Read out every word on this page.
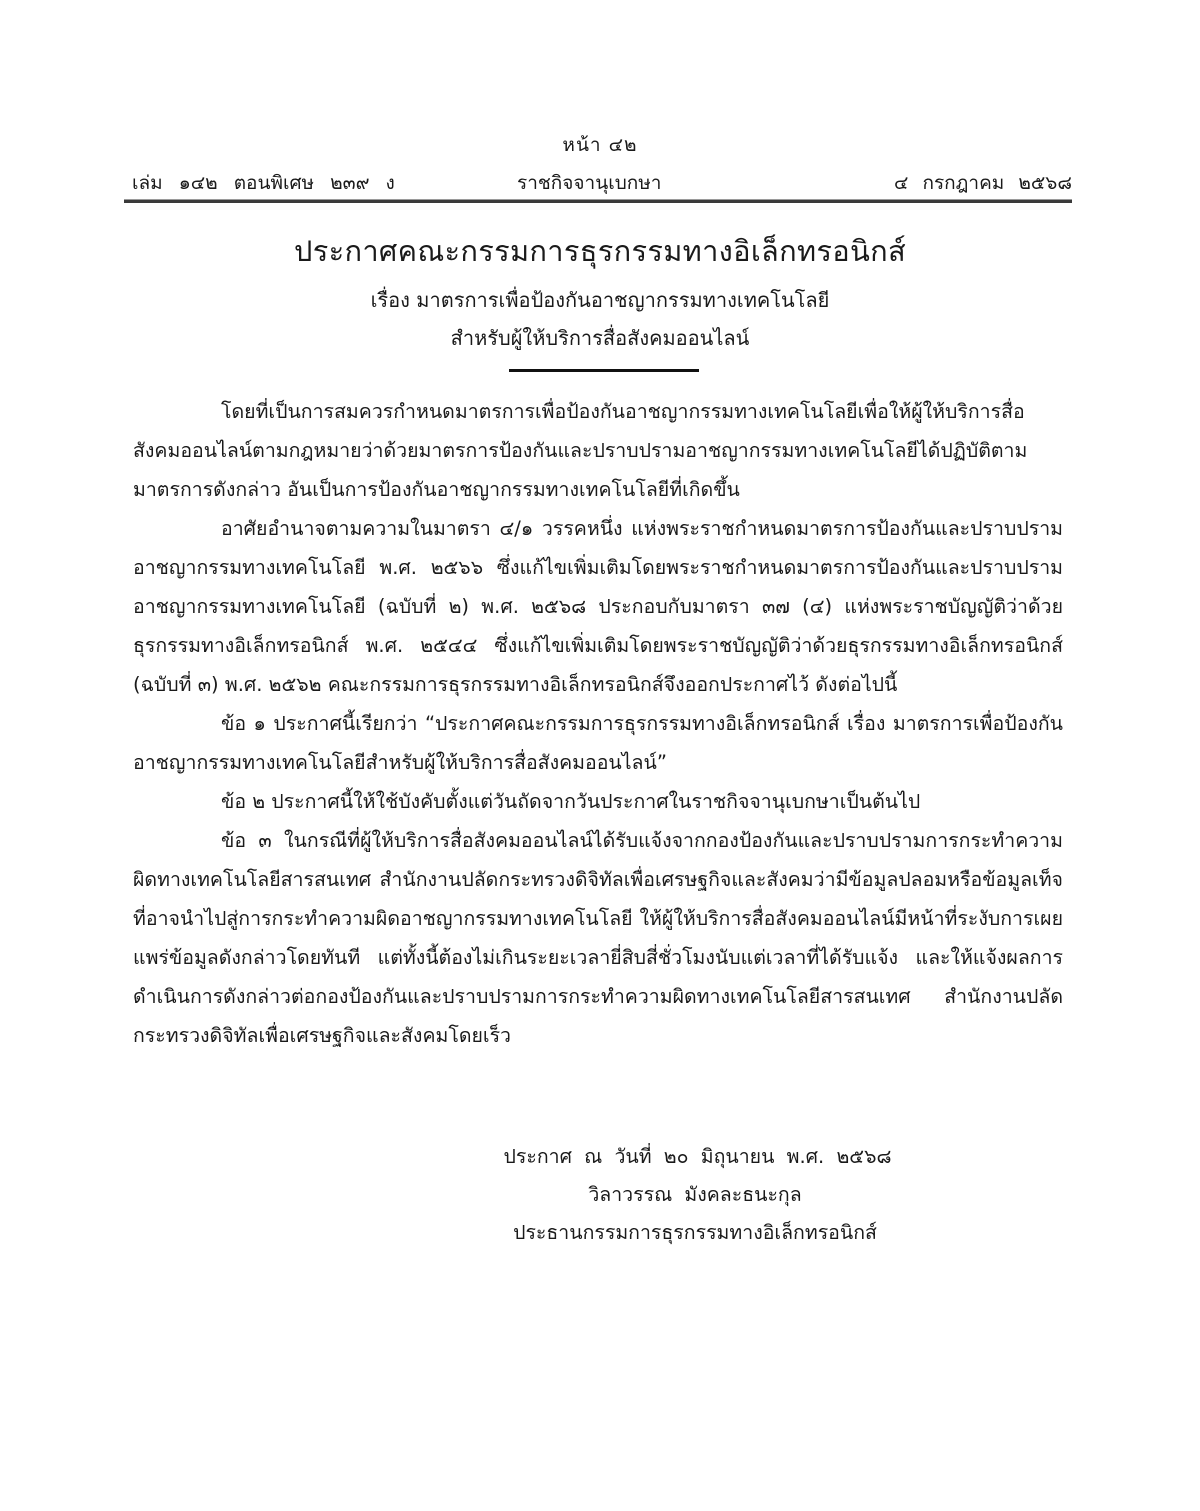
หน้า ๔๒
เล่ม ๑๔๒ ตอนพิเศษ ๒๓๙ ง	ราชกิจจานุเบกษา	๔ กรกฎาคม ๒๕๖๘
ประกาศคณะกรรมการธุรกรรมทางอิเล็กทรอนิกส์
เรื่อง มาตรการเพื่อป้องกันอาชญากรรมทางเทคโนโลยี
สำหรับผู้ให้บริการสื่อสังคมออนไลน์

โดยที่เป็นการสมควรกำหนดมาตรการเพื่อป้องกันอาชญากรรมทางเทคโนโลยีเพื่อให้ผู้ให้บริการสื่อสังคมออนไลน์ตามกฎหมายว่าด้วยมาตรการป้องกันและปราบปรามอาชญากรรมทางเทคโนโลยีได้ปฏิบัติตามมาตรการดังกล่าว อันเป็นการป้องกันอาชญากรรมทางเทคโนโลยีที่เกิดขึ้น

อาศัยอำนาจตามความในมาตรา ๔/๑ วรรคหนึ่ง แห่งพระราชกำหนดมาตรการป้องกันและปราบปรามอาชญากรรมทางเทคโนโลยี พ.ศ. ๒๕๖๖ ซึ่งแก้ไขเพิ่มเติมโดยพระราชกำหนดมาตรการป้องกันและปราบปรามอาชญากรรมทางเทคโนโลยี (ฉบับที่ ๒) พ.ศ. ๒๕๖๘ ประกอบกับมาตรา ๓๗ (๔) แห่งพระราชบัญญัติว่าด้วยธุรกรรมทางอิเล็กทรอนิกส์ พ.ศ. ๒๕๔๔ ซึ่งแก้ไขเพิ่มเติมโดยพระราชบัญญัติว่าด้วยธุรกรรมทางอิเล็กทรอนิกส์ (ฉบับที่ ๓) พ.ศ. ๒๕๖๒ คณะกรรมการธุรกรรมทางอิเล็กทรอนิกส์จึงออกประกาศไว้ ดังต่อไปนี้

ข้อ ๑ ประกาศนี้เรียกว่า “ประกาศคณะกรรมการธุรกรรมทางอิเล็กทรอนิกส์ เรื่อง มาตรการเพื่อป้องกันอาชญากรรมทางเทคโนโลยีสำหรับผู้ให้บริการสื่อสังคมออนไลน์”

ข้อ ๒ ประกาศนี้ให้ใช้บังคับตั้งแต่วันถัดจากวันประกาศในราชกิจจานุเบกษาเป็นต้นไป

ข้อ ๓ ในกรณีที่ผู้ให้บริการสื่อสังคมออนไลน์ได้รับแจ้งจากกองป้องกันและปราบปรามการกระทำความผิดทางเทคโนโลยีสารสนเทศ สำนักงานปลัดกระทรวงดิจิทัลเพื่อเศรษฐกิจและสังคมว่ามีข้อมูลปลอมหรือข้อมูลเท็จที่อาจนำไปสู่การกระทำความผิดอาชญากรรมทางเทคโนโลยี ให้ผู้ให้บริการสื่อสังคมออนไลน์มีหน้าที่ระงับการเผยแพร่ข้อมูลดังกล่าวโดยทันที แต่ทั้งนี้ต้องไม่เกินระยะเวลายี่สิบสี่ชั่วโมงนับแต่เวลาที่ได้รับแจ้ง และให้แจ้งผลการดำเนินการดังกล่าวต่อกองป้องกันและปราบปรามการกระทำความผิดทางเทคโนโลยีสารสนเทศ สำนักงานปลัดกระทรวงดิจิทัลเพื่อเศรษฐกิจและสังคมโดยเร็ว

ประกาศ ณ วันที่ ๒๐ มิถุนายน พ.ศ. ๒๕๖๘
วิลาวรรณ มังคละธนะกุล
ประธานกรรมการธุรกรรมทางอิเล็กทรอนิกส์
